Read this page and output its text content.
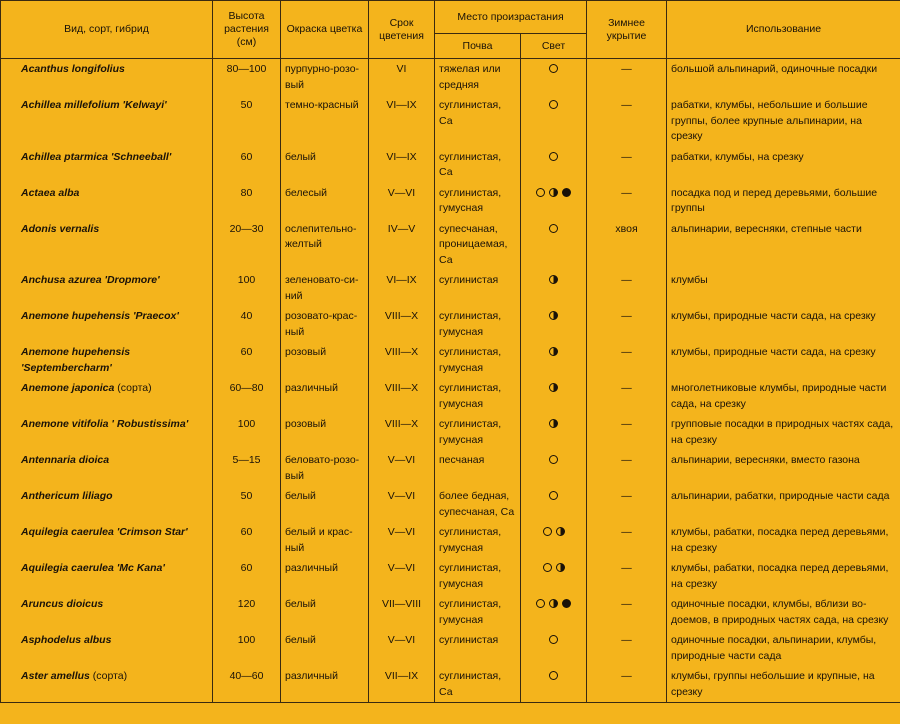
Вид, сорт, гибрид	Высота растения (см)	Окраска цветка	Срок цветения	Место произрастания		Зимнее укрытие	Использование
				Почва	Свет		
Acanthus longifolius	80—100	пурпурно-розовый	VI	тяжелая или средняя		—	большой альпинарий, одиночные посадки
Achillea millefolium 'Kelwayi'	50	темно-красный	VI—IX	суглинистая, Са		—	рабатки, клумбы, небольшие и большие группы, более крупные альпинарии, на срезку
Achillea ptarmica 'Schneeball'	60	белый	VI—IX	суглинистая, Са		—	рабатки, клумбы, на срезку
Actaea alba	80	белесый	V—VI	суглинистая, гумусная		—	посадка под и перед деревьями, большие группы
Adonis vernalis	20—30	ослепительно-желтый	IV—V	супесчаная, проницаемая, Са		хвоя	альпинарии, вересняки, степные части
Anchusa azurea 'Dropmore'	100	зеленовато-синий	VI—IX	суглинистая		—	клумбы
Anemone hupehensis 'Praecox'	40	розовато-красный	VIII—X	суглинистая, гумусная		—	клумбы, природные части сада, на срезку
Anemone hupehensis 'Septembercharm'	60	розовый	VIII—X	суглинистая, гумусная		—	клумбы, природные части сада, на срезку
Anemone japonica (сорта)	60—80	различный	VIII—X	суглинистая, гумусная		—	многолетниковые клумбы, природные части сада, на срезку
Anemone vitifolia ' Robustissima'	100	розовый	VIII—X	суглинистая, гумусная		—	групповые посадки в природных частях сада, на срезку
Antennaria dioica	5—15	беловато-розовый	V—VI	песчаная		—	альпинарии, вересняки, вместо газона
Anthericum liliago	50	белый	V—VI	более бедная, супесчаная, Са		—	альпинарии, рабатки, природные части сада
Aquilegia caerulea 'Crimson Star'	60	белый и красный	V—VI	суглинистая, гумусная		—	клумбы, рабатки, посадка перед деревьями, на срезку
Aquilegia caerulea 'Mc Kana'	60	различный	V—VI	суглинистая, гумусная		—	клумбы, рабатки, посадка перед деревьями, на срезку
Aruncus dioicus	120	белый	VII—VIII	суглинистая, гумусная		—	одиночные посадки, клумбы, вблизи водоемов, в природных частях сада, на срезку
Asphodelus albus	100	белый	V—VI	суглинистая		—	одиночные посадки, альпинарии, клумбы, природные части сада
Aster amellus (сорта)	40—60	различный	VII—IX	суглинистая, Са		—	клумбы, группы небольшие и крупные, на срезку
